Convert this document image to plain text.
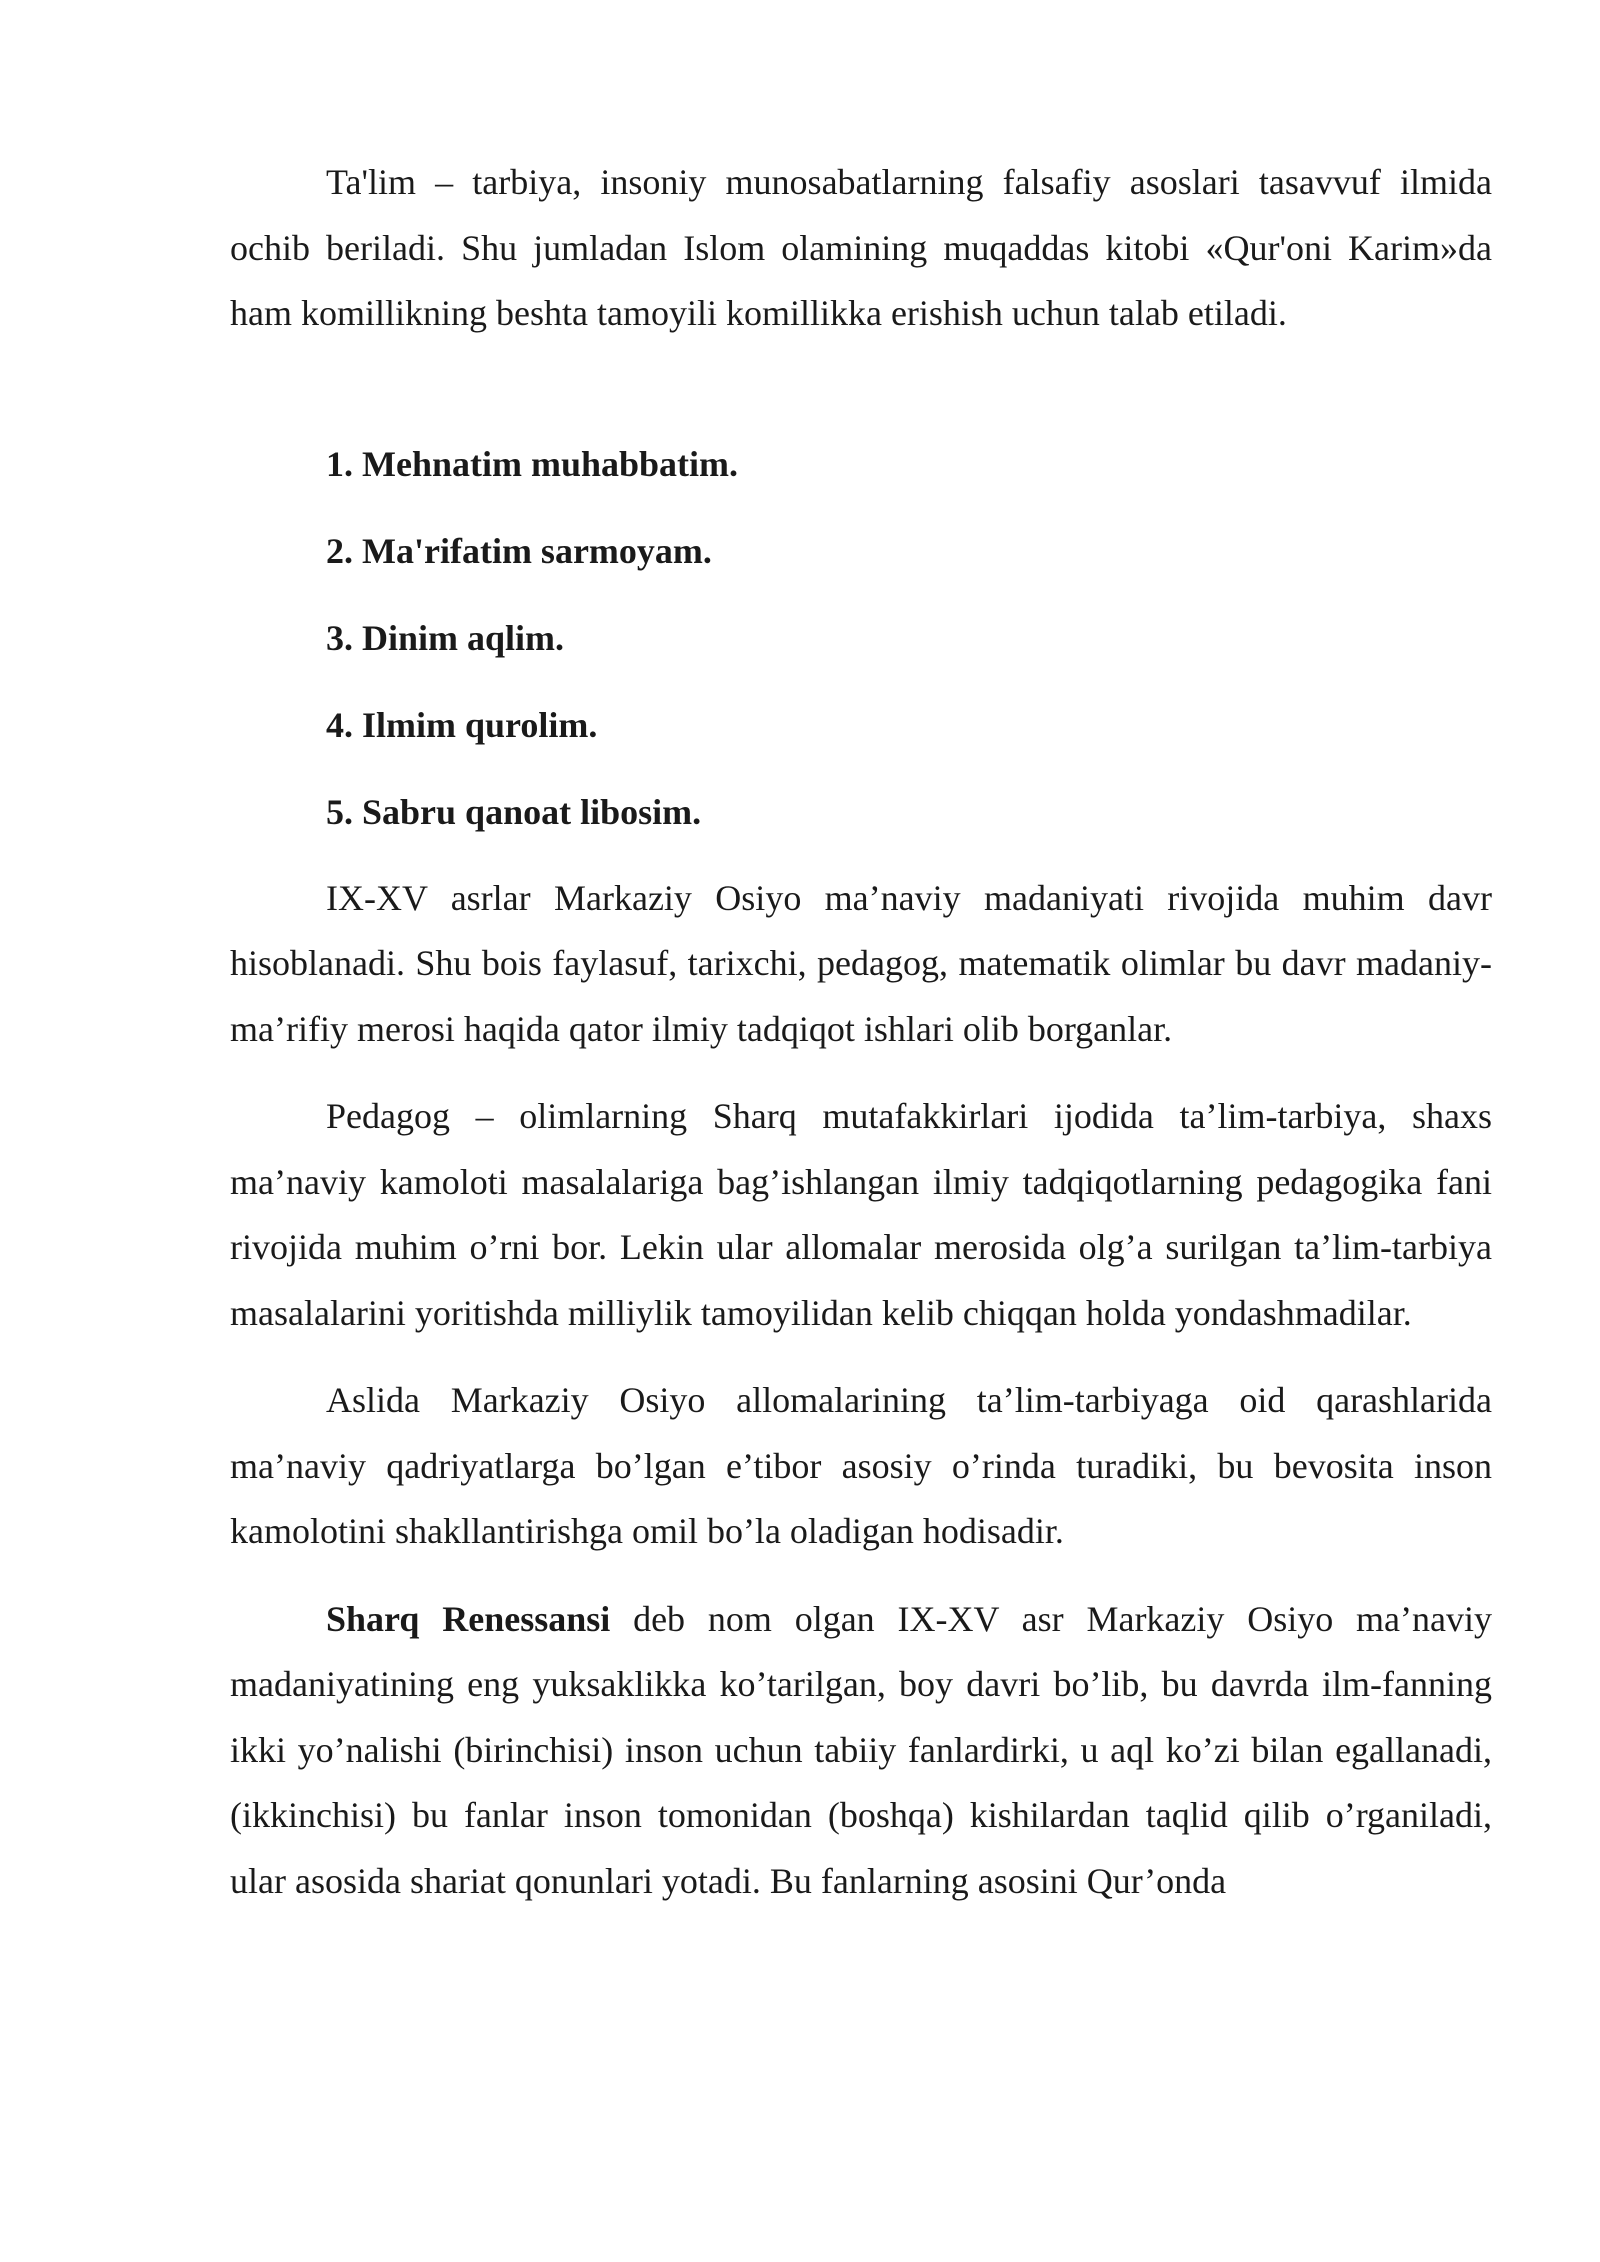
Ta'lim – tarbiya, insoniy munosabatlarning falsafiy asoslari tasavvuf ilmida ochib beriladi. Shu jumladan Islom olamining muqaddas kitobi «Qur'oni Karim»da ham komillikning beshta tamoyili komillikka erishish uchun talab etiladi.

1. Mehnatim muhabbatim.
2. Ma'rifatim sarmoyam.
3. Dinim aqlim.
4. Ilmim qurolim.
5. Sabru qanoat libosim.

IX-XV asrlar Markaziy Osiyo ma’naviy madaniyati rivojida muhim davr hisoblanadi. Shu bois faylasuf, tarixchi, pedagog, matematik olimlar bu davr madaniy-ma’rifiy merosi haqida qator ilmiy tadqiqot ishlari olib borganlar.

Pedagog – olimlarning Sharq mutafakkirlari ijodida ta’lim-tarbiya, shaxs ma’naviy kamoloti masalalariga bag’ishlangan ilmiy tadqiqotlarning pedagogika fani rivojida muhim o’rni bor. Lekin ular allomalar merosida olg’a surilgan ta’lim-tarbiya masalalarini yoritishda milliylik tamoyilidan kelib chiqqan holda yondashmadilar.

Aslida Markaziy Osiyo allomalarining ta’lim-tarbiyaga oid qarashlarida ma’naviy qadriyatlarga bo’lgan e’tibor asosiy o’rinda turadiki, bu bevosita inson kamolotini shakllantirishga omil bo’la oladigan hodisadir.

Sharq Renessansi deb nom olgan IX-XV asr Markaziy Osiyo ma’naviy madaniyatining eng yuksaklikka ko’tarilgan, boy davri bo’lib, bu davrda ilm-fanning ikki yo’nalishi (birinchisi) inson uchun tabiiy fanlardirki, u aql ko’zi bilan egallanadi, (ikkinchisi) bu fanlar inson tomonidan (boshqa) kishilardan taqlid qilib o’rganiladi, ular asosida shariat qonunlari yotadi. Bu fanlarning asosini Qur’onda
